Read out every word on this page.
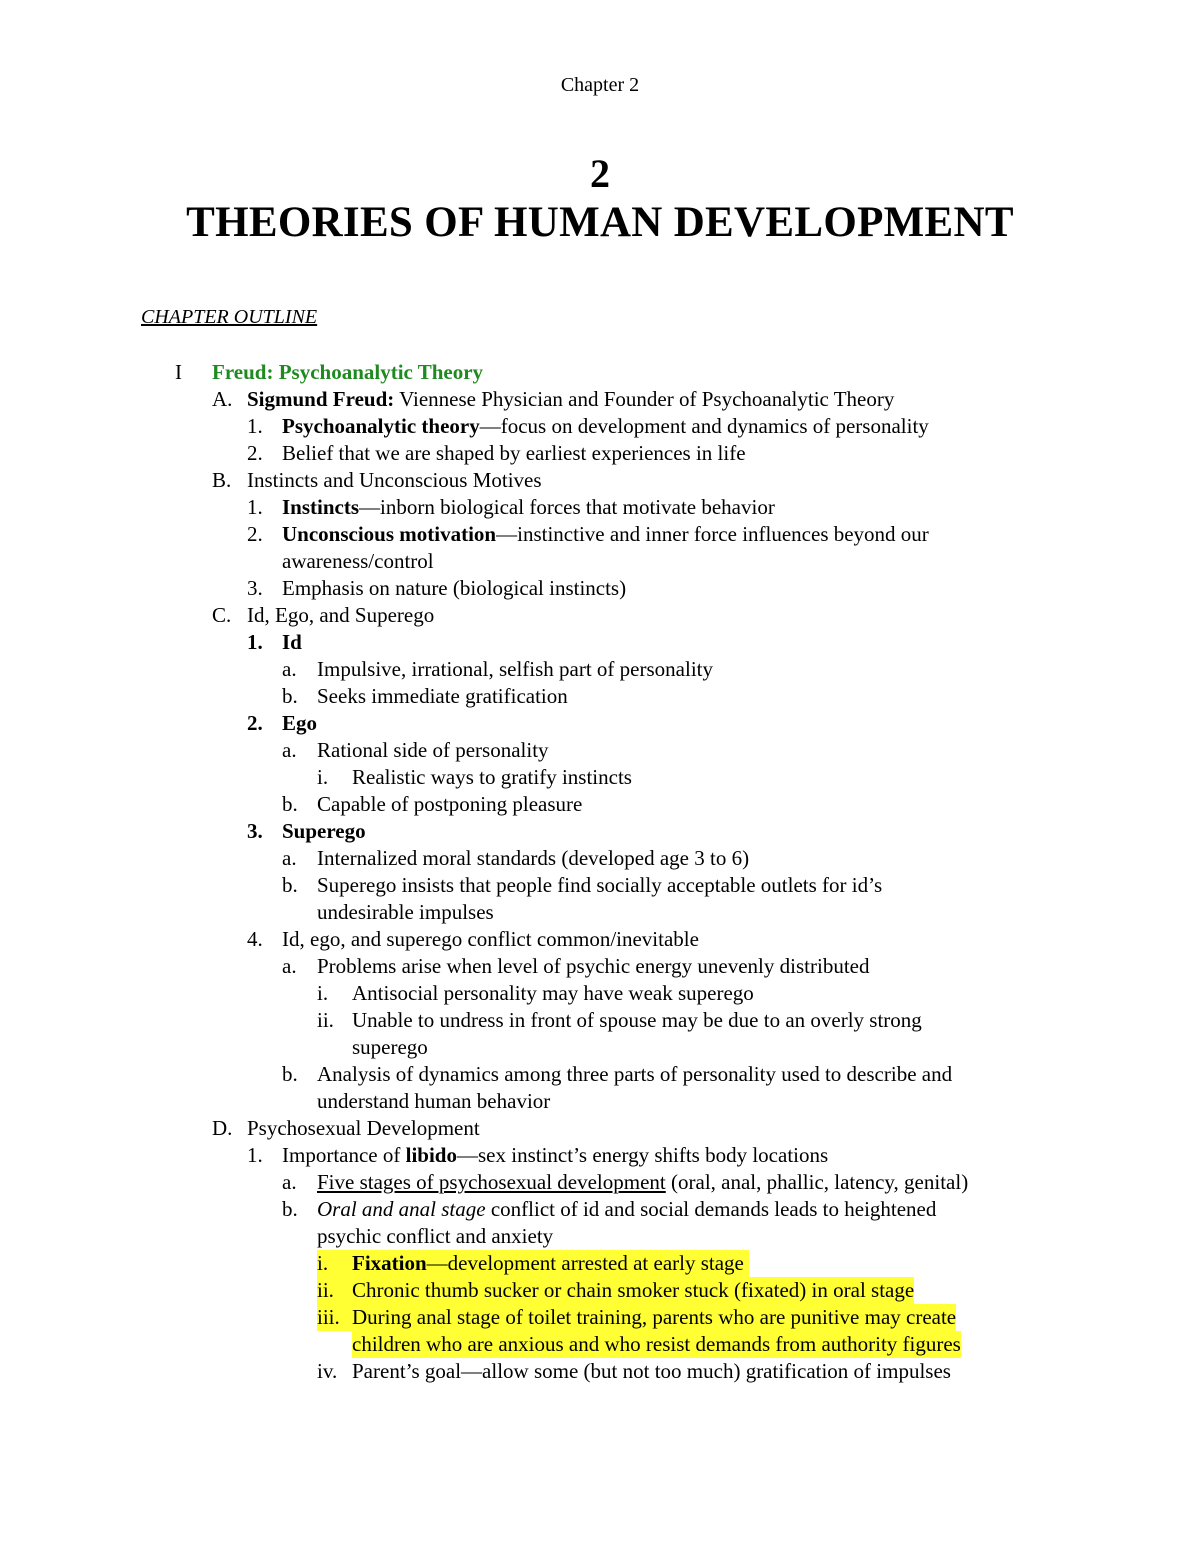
Chapter 2
2
THEORIES OF HUMAN DEVELOPMENT
CHAPTER OUTLINE
I Freud: Psychoanalytic Theory
A. Sigmund Freud: Viennese Physician and Founder of Psychoanalytic Theory
1. Psychoanalytic theory—focus on development and dynamics of personality
2. Belief that we are shaped by earliest experiences in life
B. Instincts and Unconscious Motives
1. Instincts—inborn biological forces that motivate behavior
2. Unconscious motivation—instinctive and inner force influences beyond our
awareness/control
3. Emphasis on nature (biological instincts)
C. Id, Ego, and Superego
1. Id
a. Impulsive, irrational, selfish part of personality
b. Seeks immediate gratification
2. Ego
a. Rational side of personality
i. Realistic ways to gratify instincts
b. Capable of postponing pleasure
3. Superego
a. Internalized moral standards (developed age 3 to 6)
b. Superego insists that people find socially acceptable outlets for id’s
undesirable impulses
4. Id, ego, and superego conflict common/inevitable
a. Problems arise when level of psychic energy unevenly distributed
i. Antisocial personality may have weak superego
ii. Unable to undress in front of spouse may be due to an overly strong
superego
b. Analysis of dynamics among three parts of personality used to describe and
understand human behavior
D. Psychosexual Development
1. Importance of libido—sex instinct’s energy shifts body locations
a. Five stages of psychosexual development (oral, anal, phallic, latency, genital)
b. Oral and anal stage conflict of id and social demands leads to heightened
psychic conflict and anxiety
i.	Fixation—development arrested at early stage
ii. Chronic thumb sucker or chain smoker stuck (fixated) in oral stage
iii. During anal stage of toilet training, parents who are punitive may create
children who are anxious and who resist demands from authority figures
iv. Parent’s goal—allow some (but not too much) gratification of impulses
